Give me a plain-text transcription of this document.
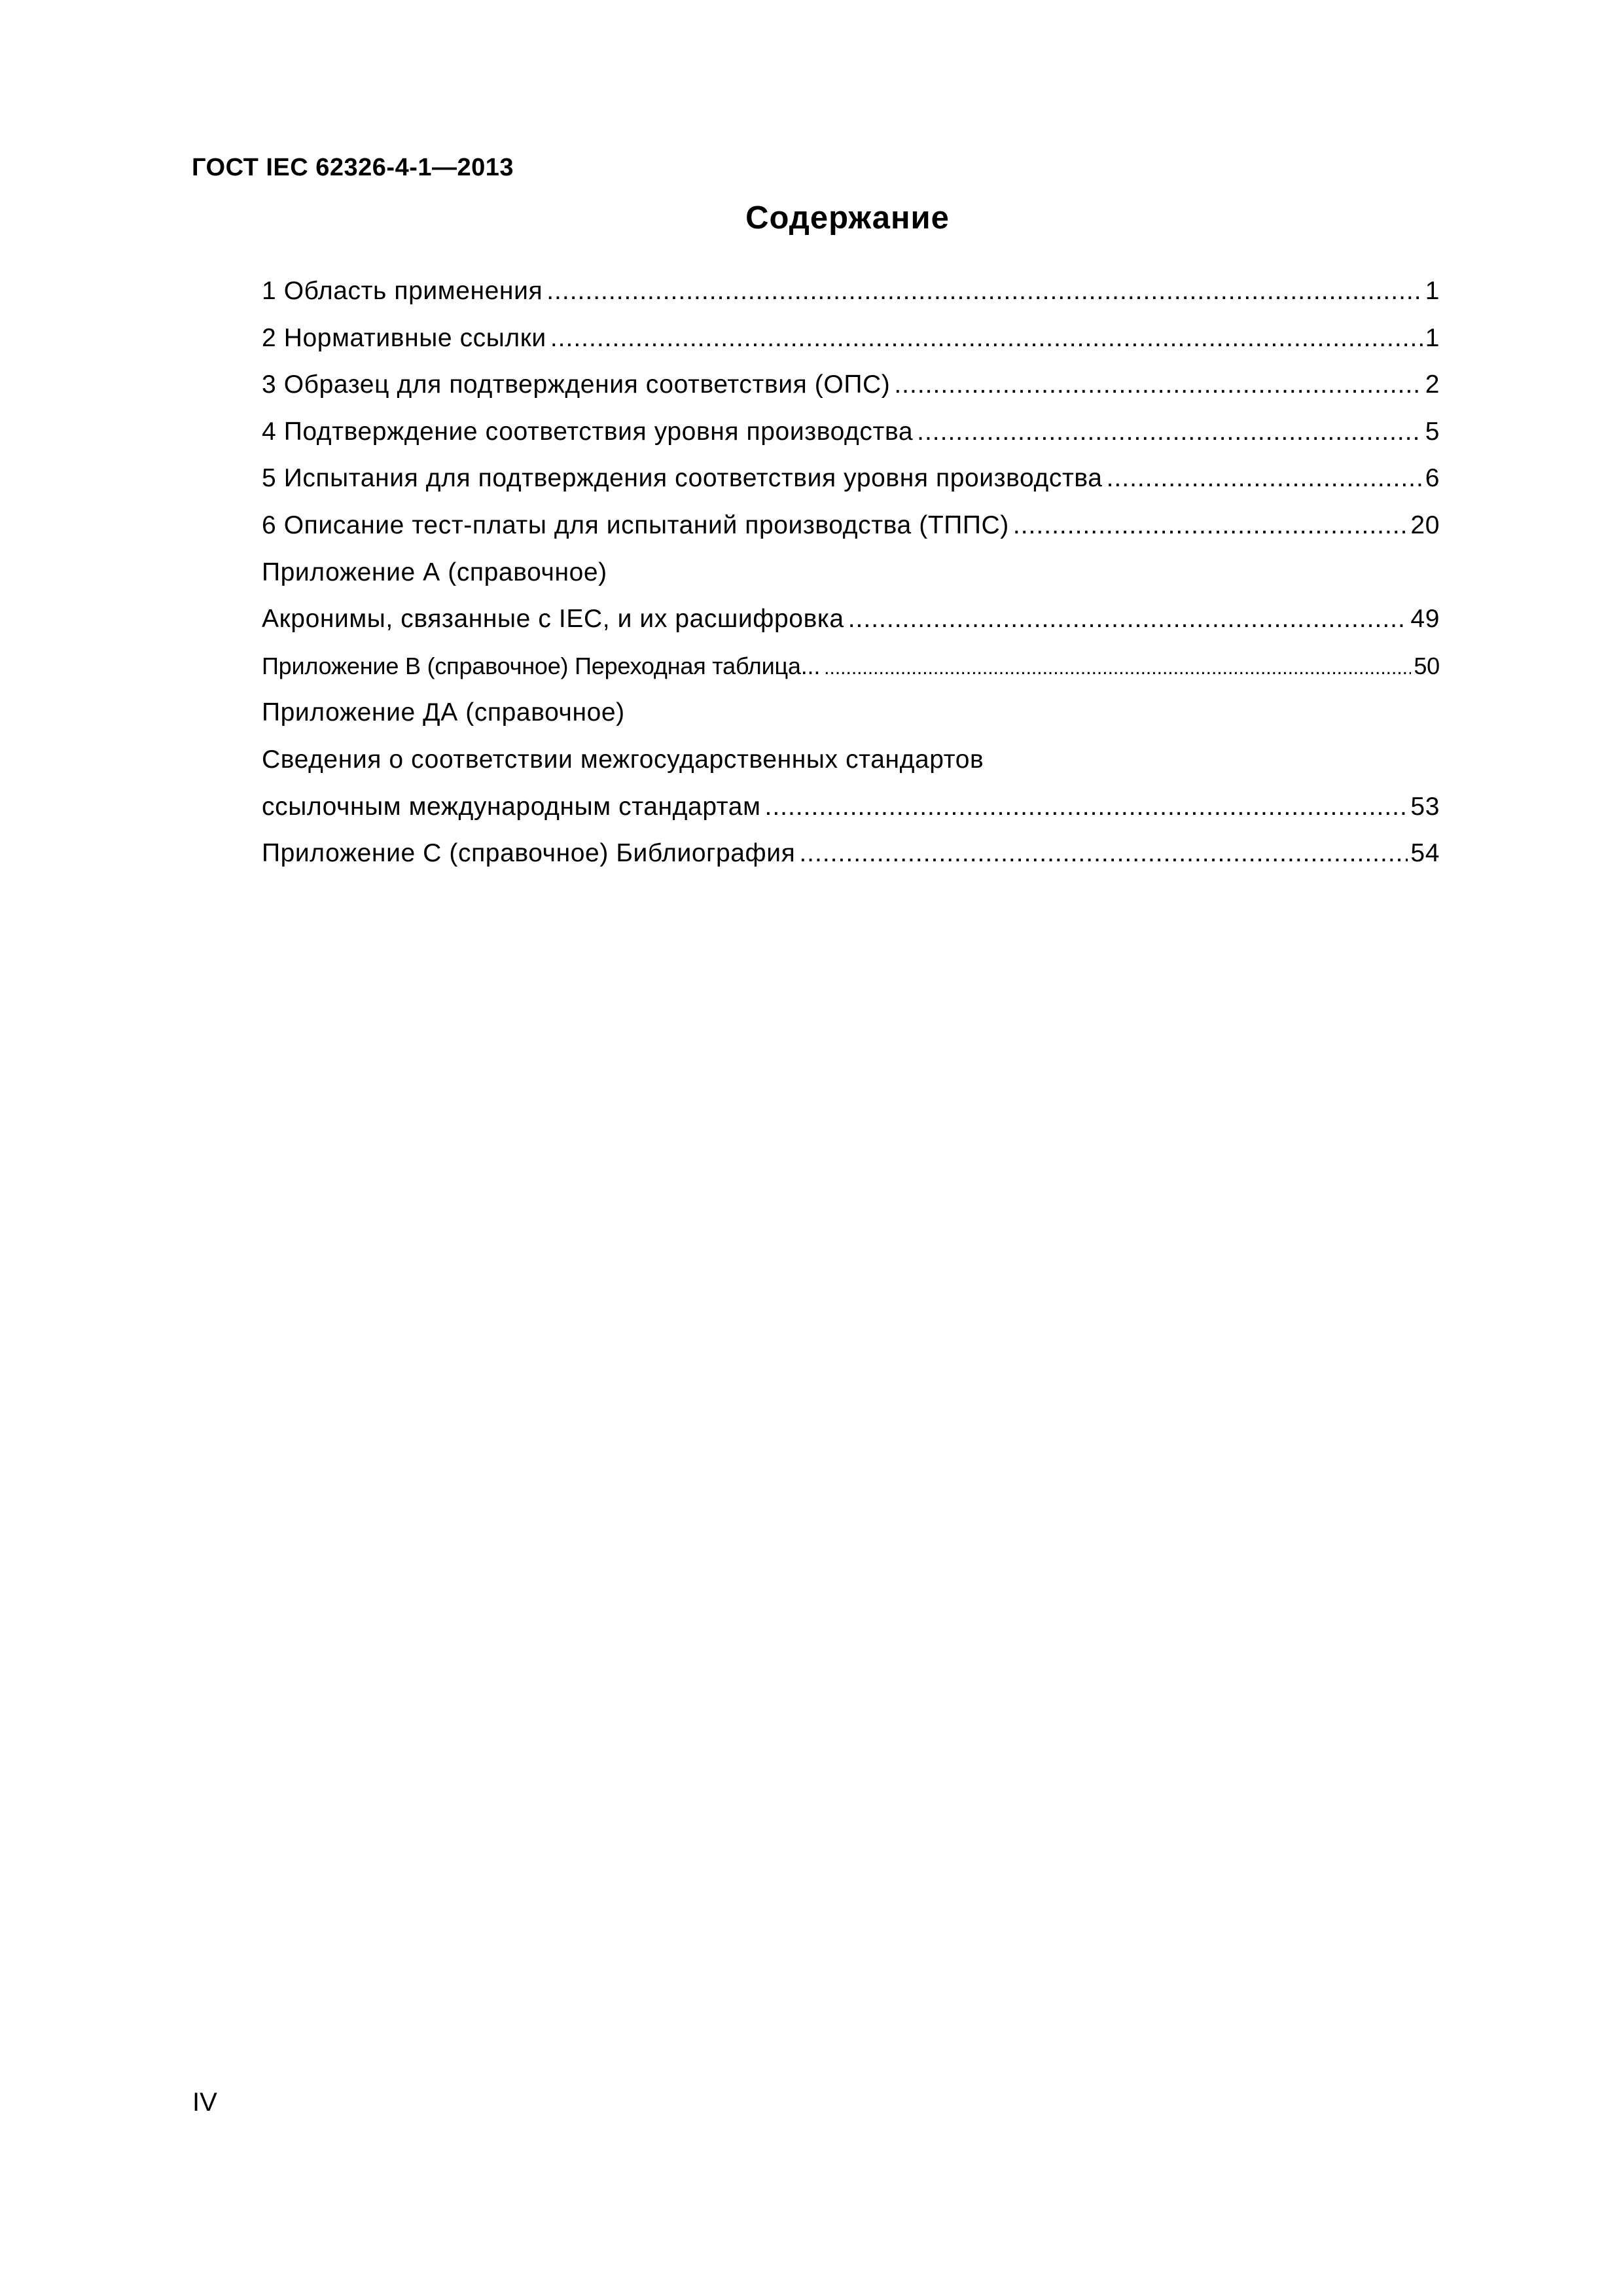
ГОСТ IEC 62326-4-1—2013
Содержание
1 Область применения .....	1
2 Нормативные ссылки .....	1
3 Образец для подтверждения соответствия (ОПС) .....	2
4 Подтверждение соответствия уровня производства .....	5
5 Испытания для подтверждения соответствия уровня производства .....	6
6 Описание тест-платы для испытаний производства (ТППС) .....	20
Приложение А (справочное)
Акронимы, связанные с IEC, и их расшифровка .....	49
Приложение В (справочное) Переходная таблица... .....	50
Приложение ДА (справочное)
Сведения о соответствии межгосударственных стандартов
ссылочным международным стандартам .....	53
Приложение С (справочное) Библиография .....	54
IV
